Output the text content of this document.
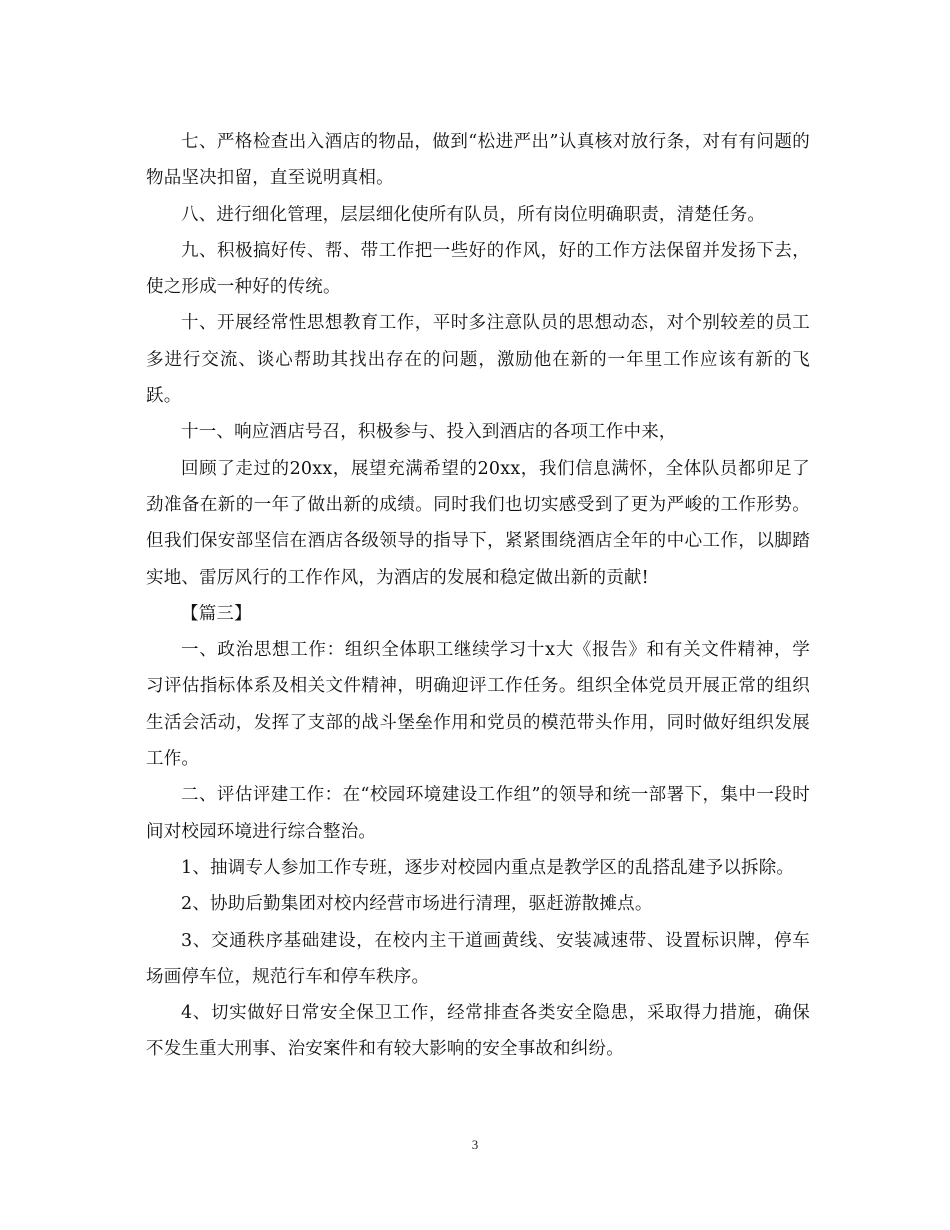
七、严格检查出入酒店的物品，做到“松进严出”认真核对放行条，对有有问题的物品坚决扣留，直至说明真相。

八、进行细化管理，层层细化使所有队员，所有岗位明确职责，清楚任务。

九、积极搞好传、帮、带工作把一些好的作风，好的工作方法保留并发扬下去，使之形成一种好的传统。

十、开展经常性思想教育工作，平时多注意队员的思想动态，对个别较差的员工多进行交流、谈心帮助其找出存在的问题，激励他在新的一年里工作应该有新的飞跃。

十一、响应酒店号召，积极参与、投入到酒店的各项工作中来，

回顾了走过的20xx，展望充满希望的20xx，我们信息满怀，全体队员都卯足了劲准备在新的一年了做出新的成绩。同时我们也切实感受到了更为严峻的工作形势。但我们保安部坚信在酒店各级领导的指导下，紧紧围绕酒店全年的中心工作，以脚踏实地、雷厉风行的工作作风，为酒店的发展和稳定做出新的贡献!

【篇三】

一、政治思想工作：组织全体职工继续学习十x大《报告》和有关文件精神，学习评估指标体系及相关文件精神，明确迎评工作任务。组织全体党员开展正常的组织生活会活动，发挥了支部的战斗堡垒作用和党员的模范带头作用，同时做好组织发展工作。

二、评估评建工作：在“校园环境建设工作组”的领导和统一部署下，集中一段时间对校园环境进行综合整治。

1、抽调专人参加工作专班，逐步对校园内重点是教学区的乱搭乱建予以拆除。

2、协助后勤集团对校内经营市场进行清理，驱赶游散摊点。

3、交通秩序基础建设，在校内主干道画黄线、安装减速带、设置标识牌，停车场画停车位，规范行车和停车秩序。

4、切实做好日常安全保卫工作，经常排查各类安全隐患，采取得力措施，确保不发生重大刑事、治安案件和有较大影响的安全事故和纠纷。

3
